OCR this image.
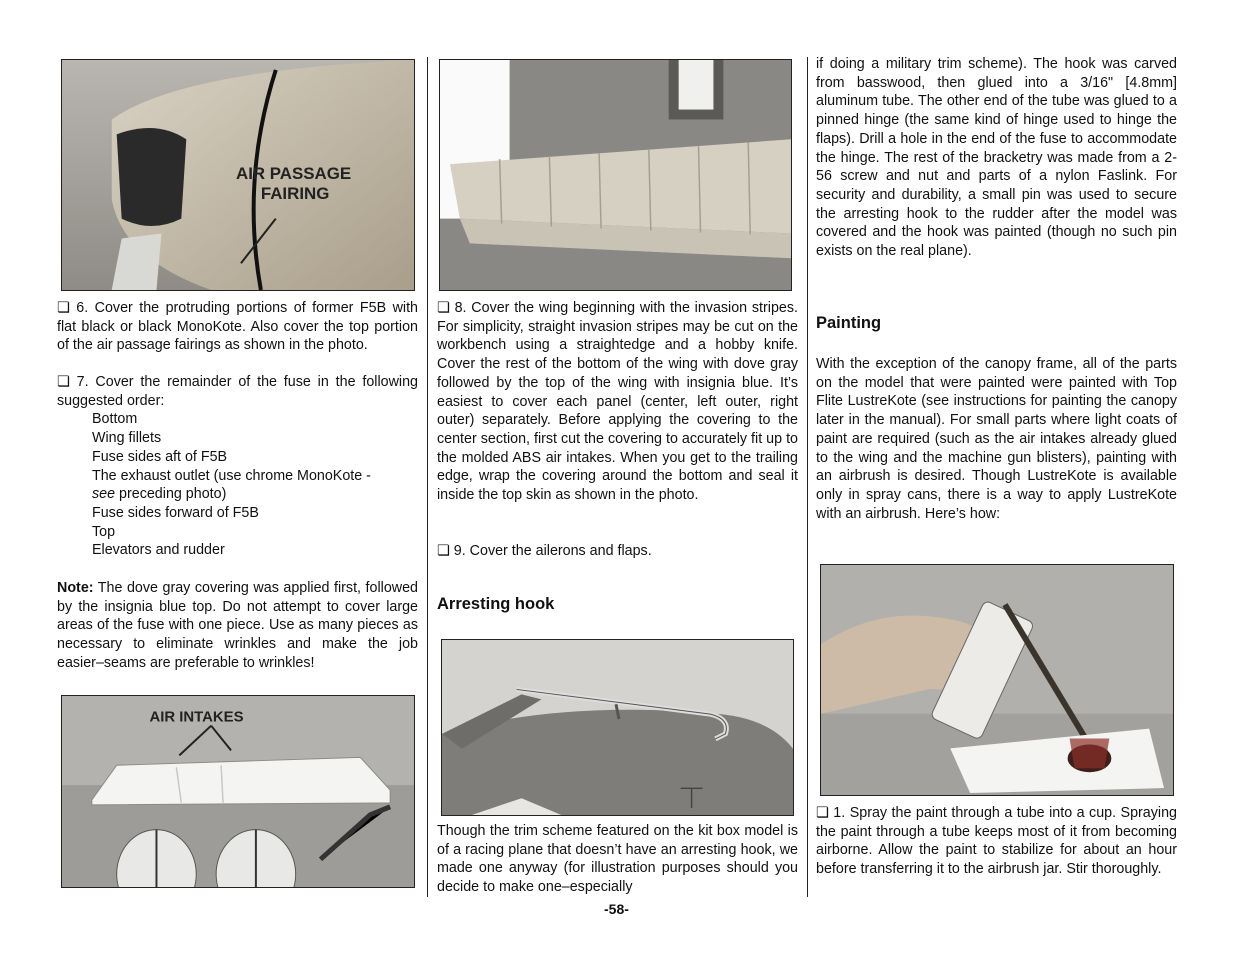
AIR PASSAGE
FAIRING

❏ 6. Cover the protruding portions of former F5B with flat black or black MonoKote. Also cover the top portion of the air passage fairings as shown in the photo.

❏ 7. Cover the remainder of the fuse in the following suggested order:

Bottom
Wing fillets
Fuse sides aft of F5B
The exhaust outlet (use chrome MonoKote -
see preceding photo)
Fuse sides forward of F5B
Top
Elevators and rudder

Note: The dove gray covering was applied first, followed by the insignia blue top. Do not attempt to cover large areas of the fuse with one piece. Use as many pieces as necessary to eliminate wrinkles and make the job easier–seams are preferable to wrinkles!

AIR INTAKES

❏ 8. Cover the wing beginning with the invasion stripes. For simplicity, straight invasion stripes may be cut on the workbench using a straightedge and a hobby knife. Cover the rest of the bottom of the wing with dove gray followed by the top of the wing with insignia blue. It’s easiest to cover each panel (center, left outer, right outer) separately. Before applying the covering to the center section, first cut the covering to accurately fit up to the molded ABS air intakes. When you get to the trailing edge, wrap the covering around the bottom and seal it inside the top skin as shown in the photo.

❏ 9. Cover the ailerons and flaps.

Arresting hook

Though the trim scheme featured on the kit box model is of a racing plane that doesn’t have an arresting hook, we made one anyway (for illustration purposes should you decide to make one–especially

if doing a military trim scheme). The hook was carved from basswood, then glued into a 3/16" [4.8mm] aluminum tube. The other end of the tube was glued to a pinned hinge (the same kind of hinge used to hinge the flaps). Drill a hole in the end of the fuse to accommodate the hinge. The rest of the bracketry was made from a 2-56 screw and nut and parts of a nylon Faslink. For security and durability, a small pin was used to secure the arresting hook to the rudder after the model was covered and the hook was painted (though no such pin exists on the real plane).

Painting

With the exception of the canopy frame, all of the parts on the model that were painted were painted with Top Flite LustreKote (see instructions for painting the canopy later in the manual). For small parts where light coats of paint are required (such as the air intakes already glued to the wing and the machine gun blisters), painting with an airbrush is desired. Though LustreKote is available only in spray cans, there is a way to apply LustreKote with an airbrush. Here’s how:

❏ 1. Spray the paint through a tube into a cup. Spraying the paint through a tube keeps most of it from becoming airborne. Allow the paint to stabilize for about an hour before transferring it to the airbrush jar. Stir thoroughly.

-58-
